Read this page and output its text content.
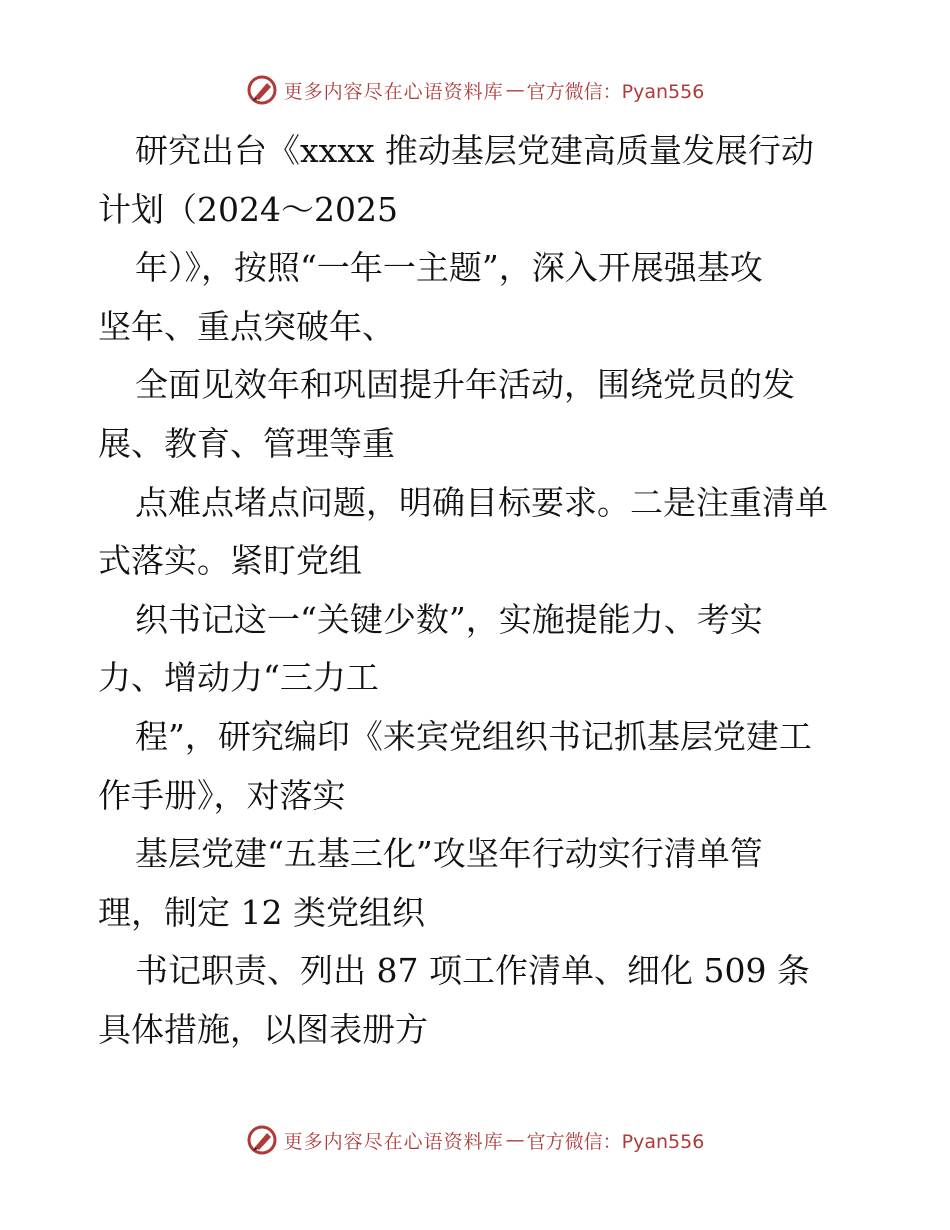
更多内容尽在心语资料库 — 官方微信：Pyan556
研究出台《xxxx 推动基层党建高质量发展行动
计划（2024～2025
年）》，按照“一年一主题”，深入开展强基攻
坚年、重点突破年、
全面见效年和巩固提升年活动，围绕党员的发
展、教育、管理等重
点难点堵点问题，明确目标要求。二是注重清单
式落实。紧盯党组
织书记这一“关键少数”，实施提能力、考实
力、增动力“三力工
程”，研究编印《来宾党组织书记抓基层党建工
作手册》，对落实
基层党建“五基三化”攻坚年行动实行清单管
理，制定 12 类党组织
书记职责、列出 87 项工作清单、细化 509 条
具体措施，以图表册方
更多内容尽在心语资料库 — 官方微信：Pyan556
